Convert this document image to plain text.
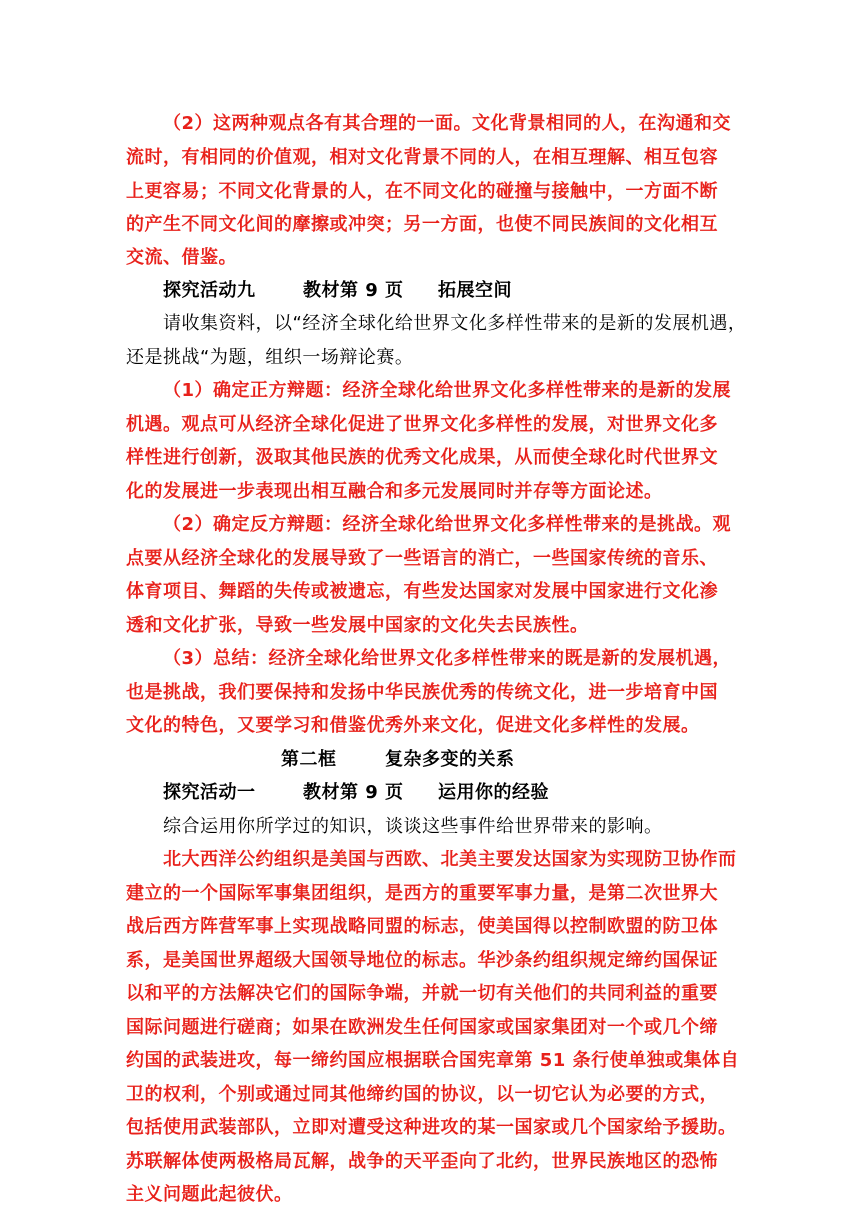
（2）这两种观点各有其合理的一面。文化背景相同的人，在沟通和交
流时，有相同的价值观，相对文化背景不同的人，在相互理解、相互包容
上更容易；不同文化背景的人，在不同文化的碰撞与接触中，一方面不断
的产生不同文化间的摩擦或冲突；另一方面，也使不同民族间的文化相互
交流、借鉴。
探究活动九	教材第 9 页 拓展空间
请收集资料，以“经济全球化给世界文化多样性带来的是新的发展机遇，
还是挑战“为题，组织一场辩论赛。
（1）确定正方辩题：经济全球化给世界文化多样性带来的是新的发展
机遇。观点可从经济全球化促进了世界文化多样性的发展，对世界文化多
样性进行创新，汲取其他民族的优秀文化成果，从而使全球化时代世界文
化的发展进一步表现出相互融合和多元发展同时并存等方面论述。
（2）确定反方辩题：经济全球化给世界文化多样性带来的是挑战。观
点要从经济全球化的发展导致了一些语言的消亡，一些国家传统的音乐、
体育项目、舞蹈的失传或被遗忘，有些发达国家对发展中国家进行文化渗
透和文化扩张，导致一些发展中国家的文化失去民族性。
（3）总结：经济全球化给世界文化多样性带来的既是新的发展机遇，
也是挑战，我们要保持和发扬中华民族优秀的传统文化，进一步培育中国
文化的特色，又要学习和借鉴优秀外来文化，促进文化多样性的发展。
第二框	复杂多变的关系
探究活动一	教材第 9 页 运用你的经验
综合运用你所学过的知识，谈谈这些事件给世界带来的影响。
北大西洋公约组织是美国与西欧、北美主要发达国家为实现防卫协作而
建立的一个国际军事集团组织，是西方的重要军事力量，是第二次世界大
战后西方阵营军事上实现战略同盟的标志，使美国得以控制欧盟的防卫体
系，是美国世界超级大国领导地位的标志。华沙条约组织规定缔约国保证
以和平的方法解决它们的国际争端，并就一切有关他们的共同利益的重要
国际问题进行磋商；如果在欧洲发生任何国家或国家集团对一个或几个缔
约国的武装进攻，每一缔约国应根据联合国宪章第 51 条行使单独或集体自
卫的权利，个别或通过同其他缔约国的协议，以一切它认为必要的方式，
包括使用武装部队，立即对遭受这种进攻的某一国家或几个国家给予援助。
苏联解体使两极格局瓦解，战争的天平歪向了北约，世界民族地区的恐怖
主义问题此起彼伏。
